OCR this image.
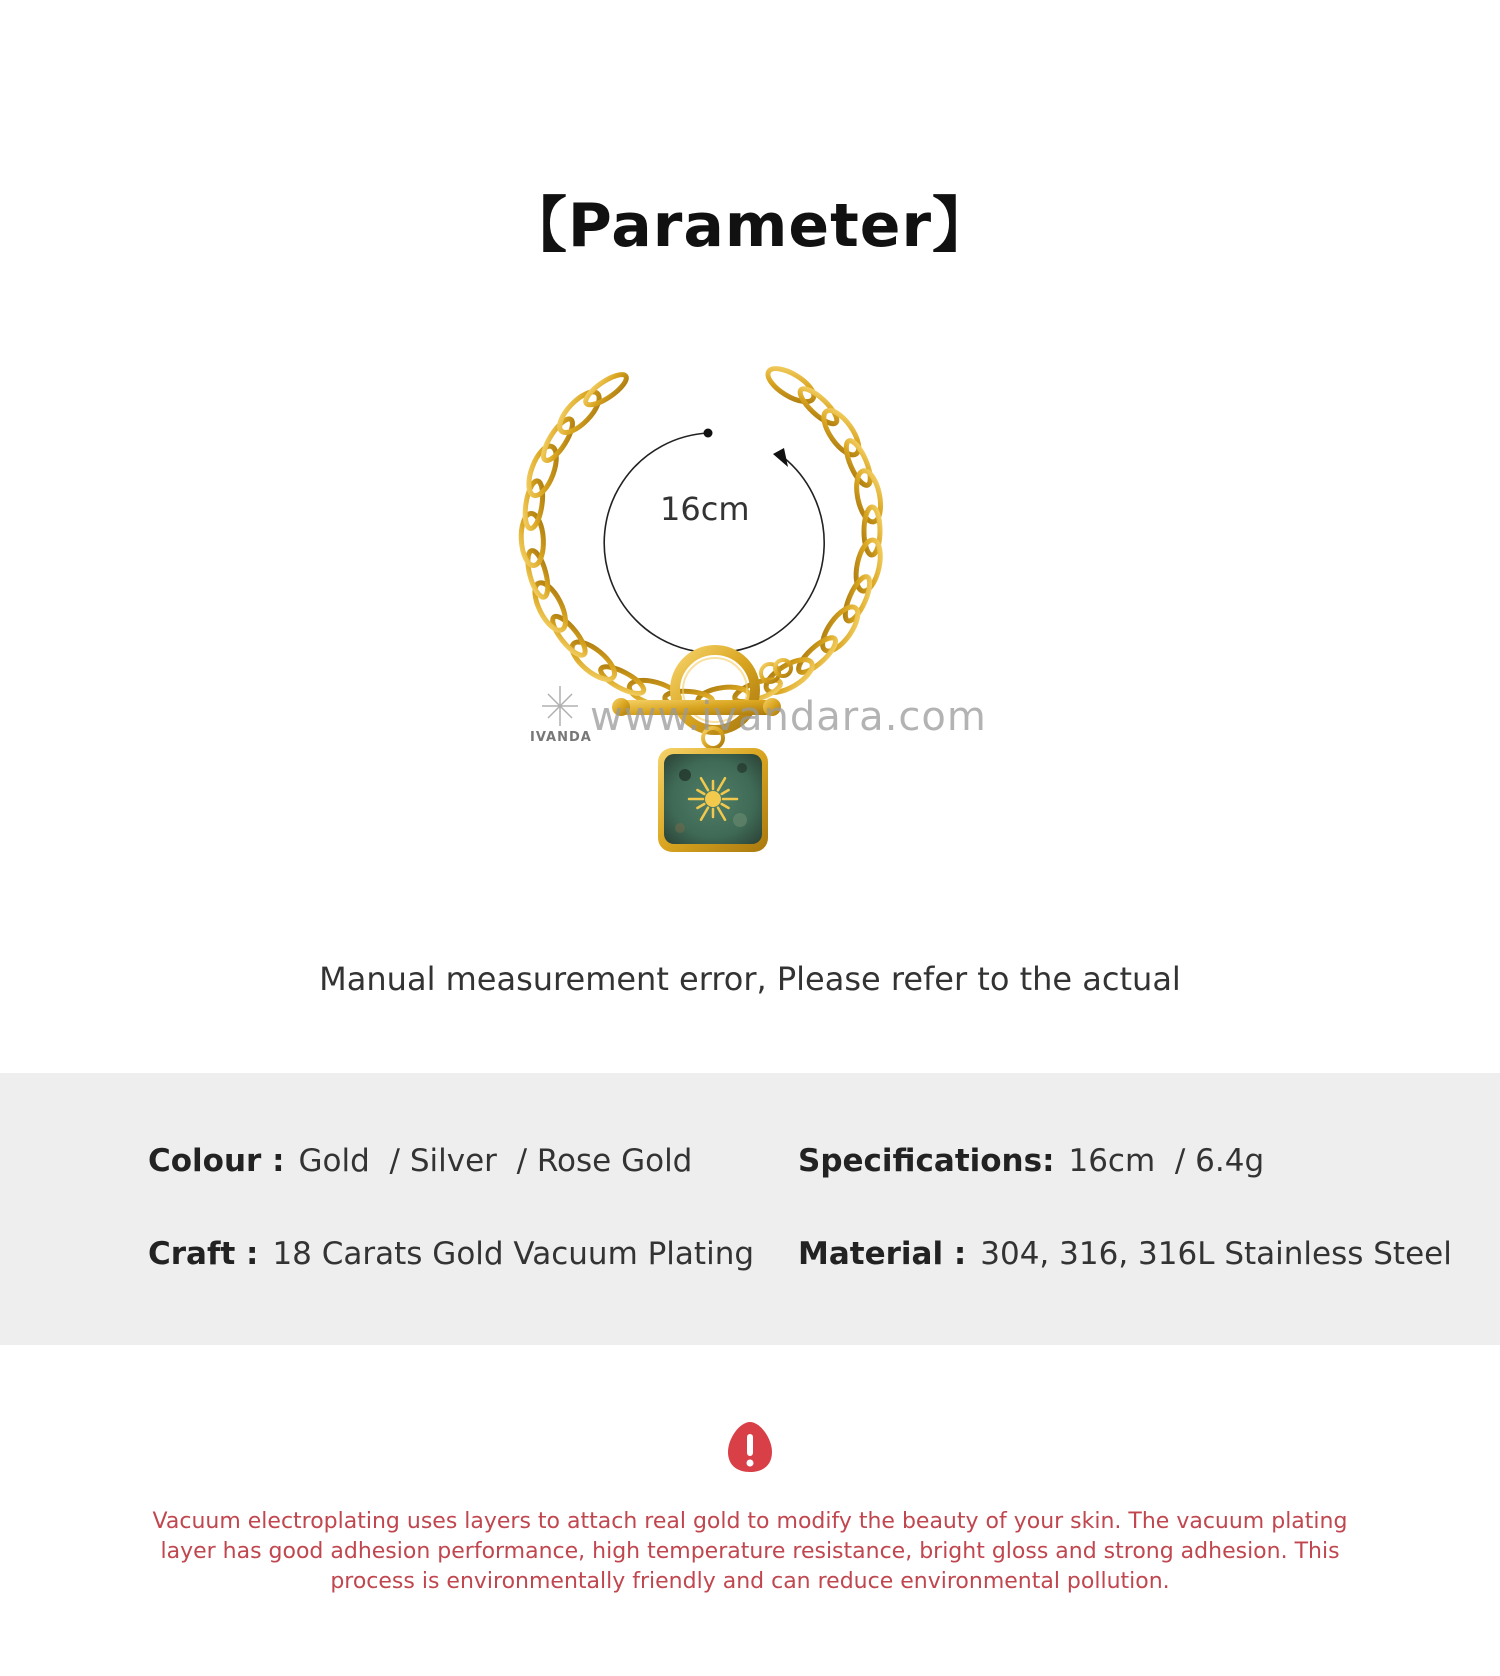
【Parameter】
16cm
www.ivandara.com
IVANDA
Manual measurement error, Please refer to the actual
Colour : Gold  / Silver  / Rose Gold	Specifications: 16cm  / 6.4g
Craft : 18 Carats Gold Vacuum Plating Material : 304, 316, 316L Stainless Steel
Vacuum electroplating uses layers to attach real gold to modify the beauty of your skin. The vacuum plating layer has good adhesion performance, high temperature resistance, bright gloss and strong adhesion. This process is environmentally friendly and can reduce environmental pollution.
